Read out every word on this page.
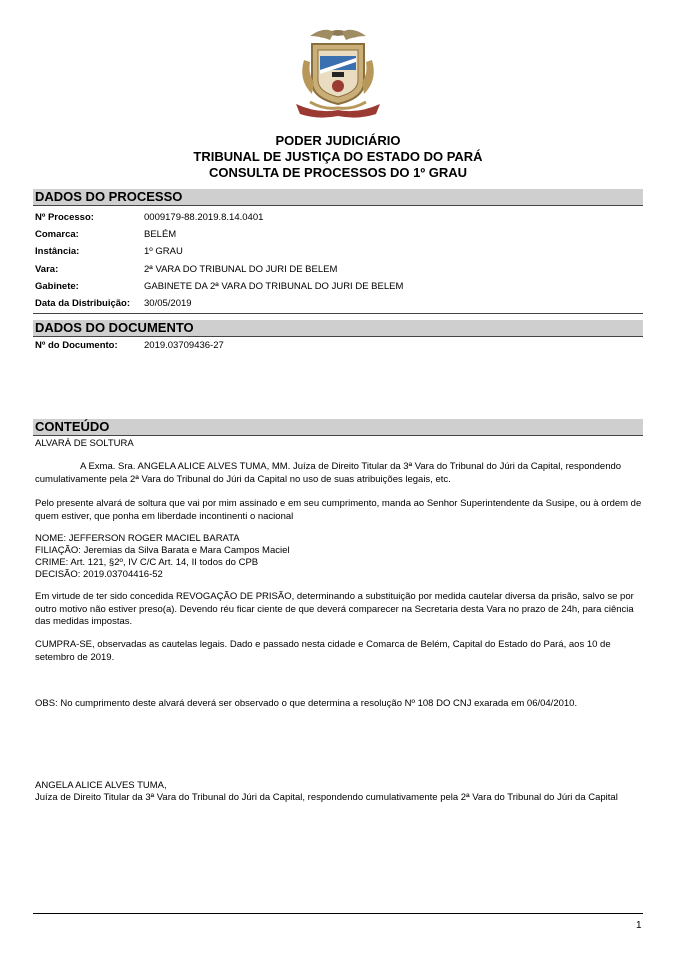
PODER JUDICIÁRIO
TRIBUNAL DE JUSTIÇA DO ESTADO DO PARÁ
CONSULTA DE PROCESSOS DO 1º GRAU
DADOS DO PROCESSO
Nº Processo:	0009179-88.2019.8.14.0401
Comarca:	BELÉM
Instância:	1º GRAU
Vara:	2ª VARA DO TRIBUNAL DO JURI DE BELEM
Gabinete:	GABINETE DA 2ª VARA DO TRIBUNAL DO JURI DE BELEM
Data da Distribuição: 30/05/2019
DADOS DO DOCUMENTO
Nº do Documento:	2019.03709436-27
CONTEÚDO
ALVARÁ DE SOLTURA
A Exma. Sra. ANGELA ALICE ALVES TUMA, MM. Juíza de Direito Titular da 3ª Vara do Tribunal do Júri da Capital, respondendo cumulativamente pela 2ª Vara do Tribunal do Júri da Capital no uso de suas atribuições legais, etc.
Pelo presente alvará de soltura que vai por mim assinado e em seu cumprimento, manda ao Senhor Superintendente da Susipe, ou à ordem de quem estiver, que ponha em liberdade incontinenti o nacional
NOME: JEFFERSON ROGER MACIEL BARATA
FILIAÇÃO: Jeremias da Silva Barata e Mara Campos Maciel
CRIME: Art. 121, §2º, IV C/C Art. 14, II todos do CPB
DECISÃO: 2019.03704416-52
Em virtude de ter sido concedida REVOGAÇÃO DE PRISÃO, determinando a substituição por medida cautelar diversa da prisão, salvo se por outro motivo não estiver preso(a). Devendo réu ficar ciente de que deverá comparecer na Secretaria desta Vara no prazo de 24h, para ciência das medidas impostas.
CUMPRA-SE, observadas as cautelas legais. Dado e passado nesta cidade e Comarca de Belém, Capital do Estado do Pará, aos 10 de setembro de 2019.
OBS: No cumprimento deste alvará deverá ser observado o que determina a resolução Nº 108 DO CNJ exarada em 06/04/2010.
ANGELA ALICE ALVES TUMA,
Juíza de Direito Titular da 3ª Vara do Tribunal do Júri da Capital, respondendo cumulativamente pela 2ª Vara do Tribunal do Júri da Capital
1
